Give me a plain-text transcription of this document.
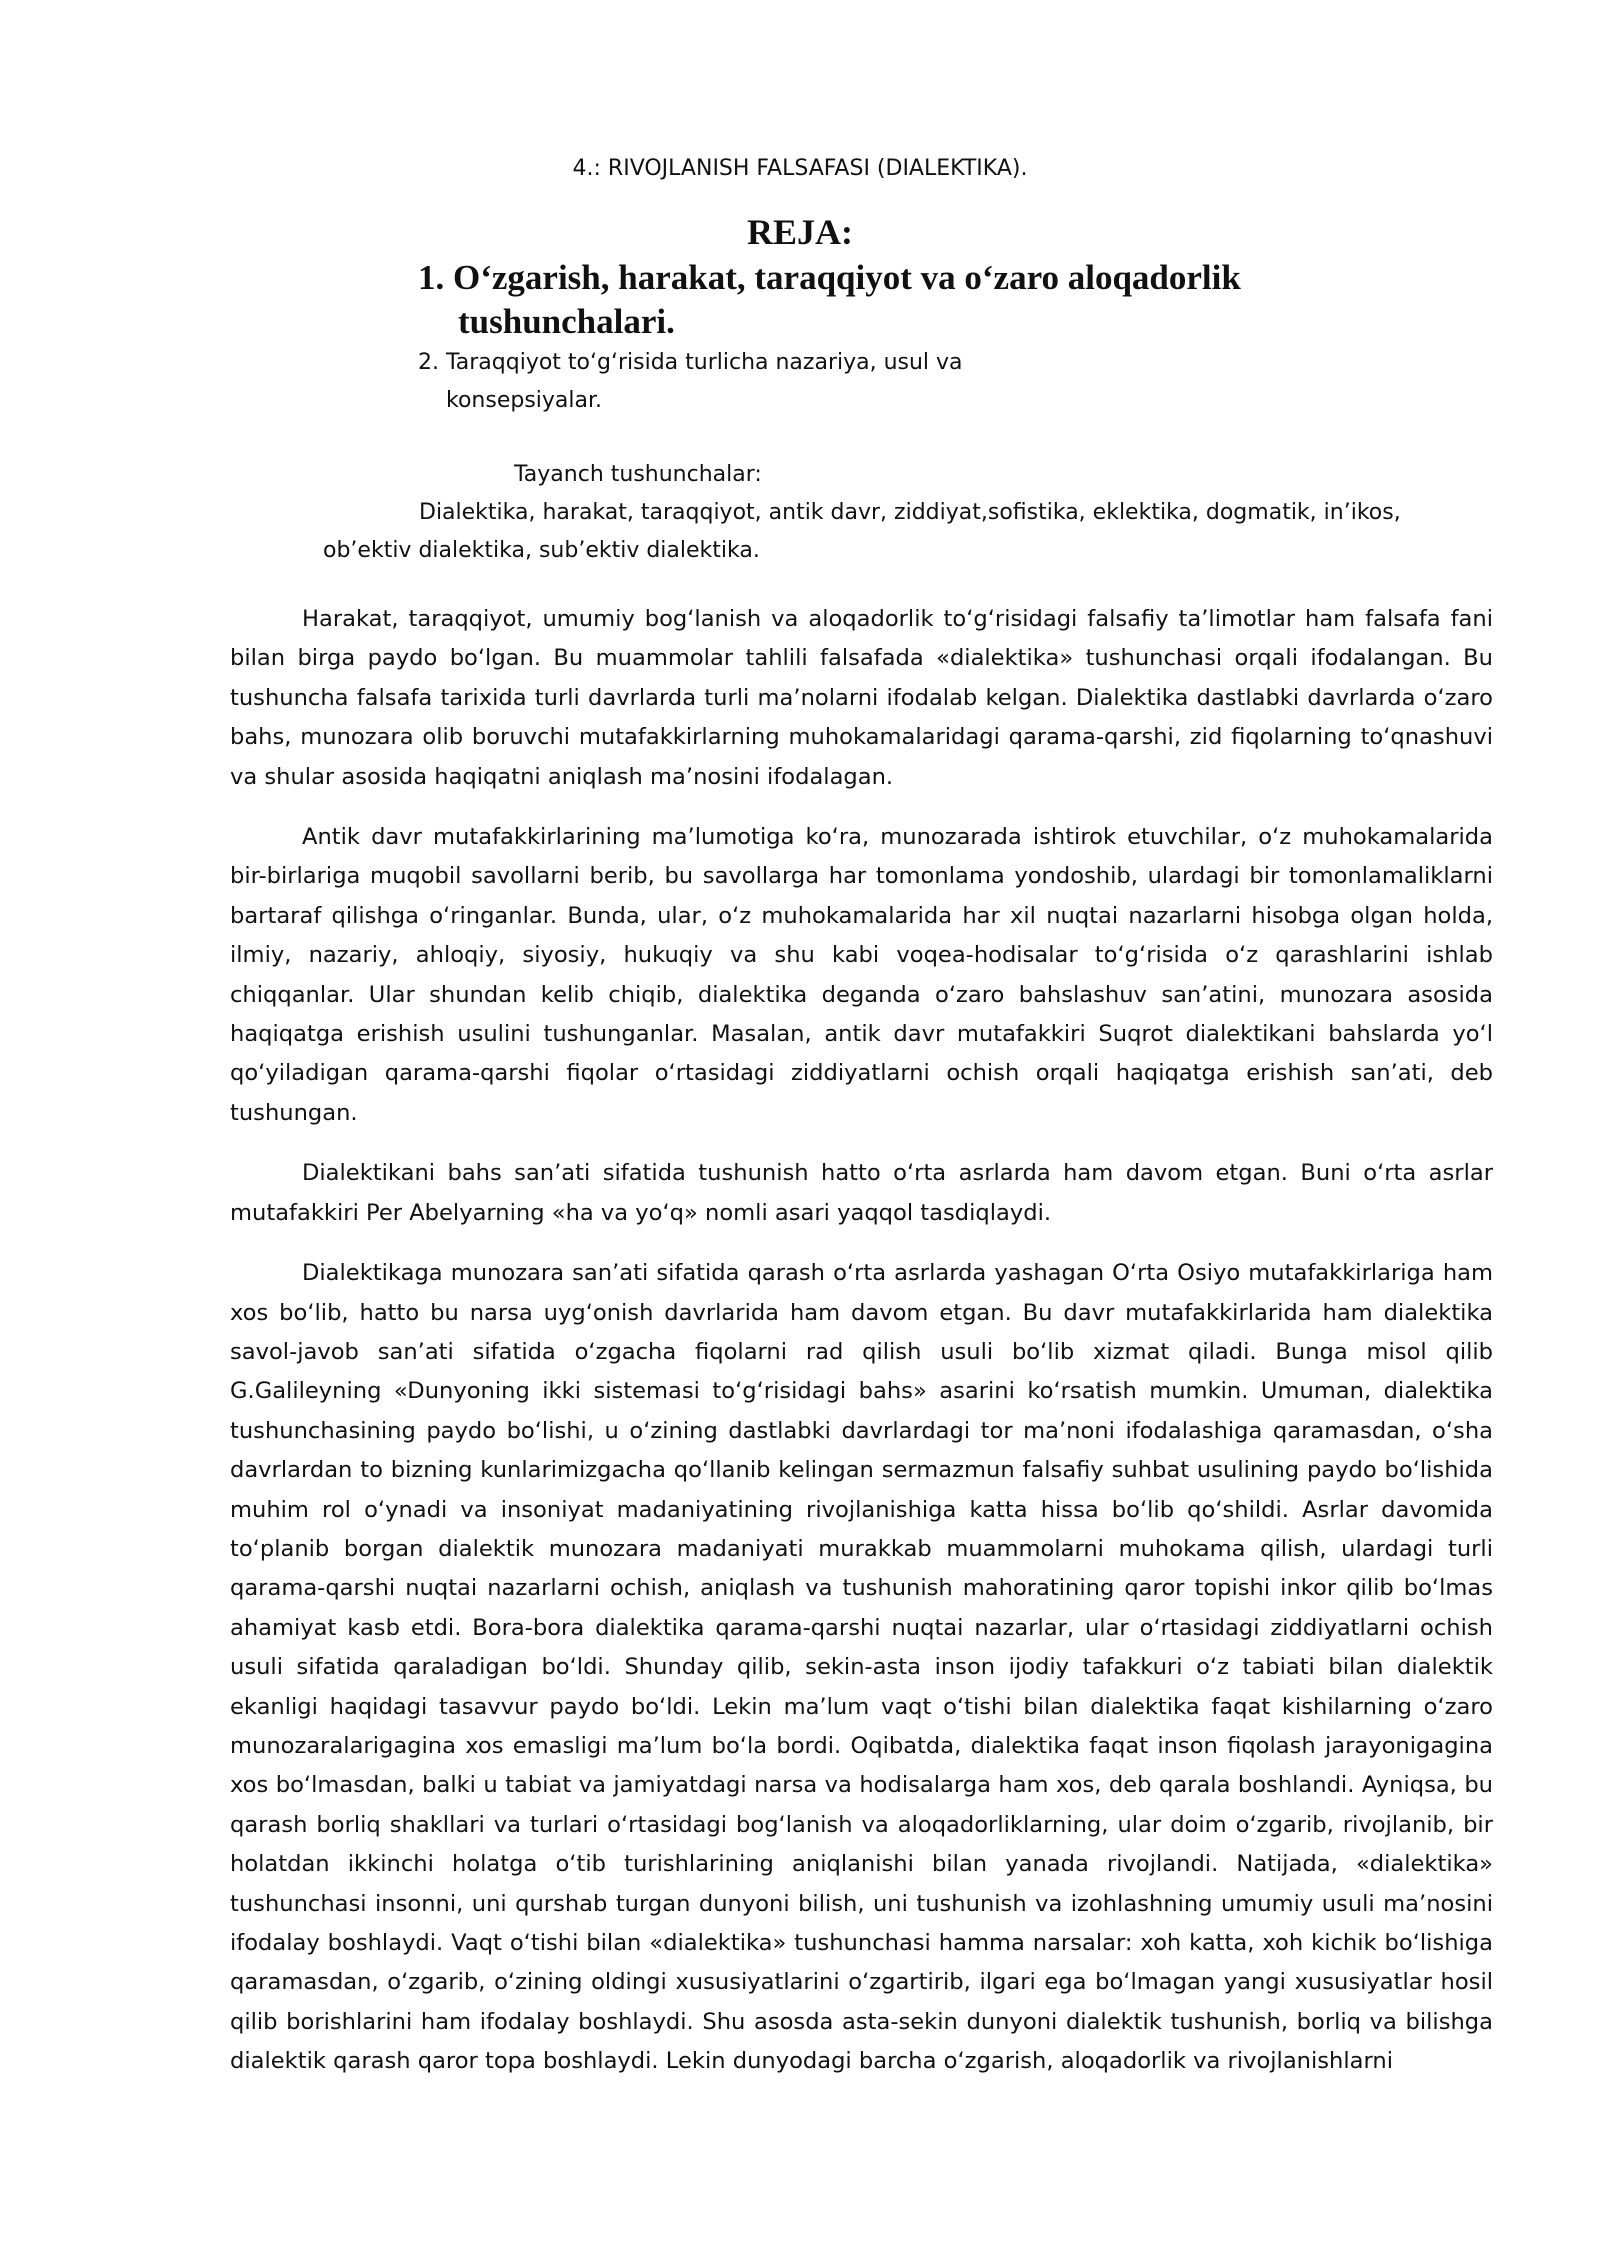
4.: RIVOJLANISH FALSAFASI (DIALEKTIKA).
REJA:
1. O‘zgarish, harakat, taraqqiyot va o‘zaro aloqadorlik
tushunchalari.
2. Taraqqiyot to‘g‘risida turlicha nazariya, usul va
konsepsiyalar.
Tayanch tushunchalar:
Dialektika, harakat, taraqqiyot, antik davr, ziddiyat,sofistika, eklektika, dogmatik, in’ikos,
ob’ektiv dialektika, sub’ektiv dialektika.

Harakat, taraqqiyot, umumiy bog‘lanish va aloqadorlik to‘g‘risidagi falsafiy ta’limotlar ham falsafa fani bilan birga paydo bo‘lgan. Bu muammolar tahlili falsafada «dialektika» tushunchasi orqali ifodalangan. Bu tushuncha falsafa tarixida turli davrlarda turli ma’nolarni ifodalab kelgan. Dialektika dastlabki davrlarda o‘zaro bahs, munozara olib boruvchi mutafakkirlarning muhokamalaridagi qarama-qarshi, zid fiqolarning to‘qnashuvi va shular asosida haqiqatni aniqlash ma’nosini ifodalagan.

Antik davr mutafakkirlarining ma’lumotiga ko‘ra, munozarada ishtirok etuvchilar, o‘z muhokamalarida bir-birlariga muqobil savollarni berib, bu savollarga har tomonlama yondoshib, ulardagi bir tomonlamaliklarni bartaraf qilishga o‘ringanlar. Bunda, ular, o‘z muhokamalarida har xil nuqtai nazarlarni hisobga olgan holda, ilmiy, nazariy, ahloqiy, siyosiy, hukuqiy va shu kabi voqea-hodisalar to‘g‘risida o‘z qarashlarini ishlab chiqqanlar. Ular shundan kelib chiqib, dialektika deganda o‘zaro bahslashuv san’atini, munozara asosida haqiqatga erishish usulini tushunganlar. Masalan, antik davr mutafakkiri Suqrot dialektikani bahslarda yo‘l qo‘yiladigan qarama-qarshi fiqolar o‘rtasidagi ziddiyatlarni ochish orqali haqiqatga erishish san’ati, deb tushungan.

Dialektikani bahs san’ati sifatida tushunish hatto o‘rta asrlarda ham davom etgan. Buni o‘rta asrlar mutafakkiri Per Abelyarning «ha va yo‘q» nomli asari yaqqol tasdiqlaydi.

Dialektikaga munozara san’ati sifatida qarash o‘rta asrlarda yashagan O‘rta Osiyo mutafakkirlariga ham xos bo‘lib, hatto bu narsa uyg‘onish davrlarida ham davom etgan. Bu davr mutafakkirlarida ham dialektika savol-javob san’ati sifatida o‘zgacha fiqolarni rad qilish usuli bo‘lib xizmat qiladi. Bunga misol qilib G.Galileyning «Dunyoning ikki sistemasi to‘g‘risidagi bahs» asarini ko‘rsatish mumkin. Umuman, dialektika tushunchasining paydo bo‘lishi, u o‘zining dastlabki davrlardagi tor ma’noni ifodalashiga qaramasdan, o‘sha davrlardan to bizning kunlarimizgacha qo‘llanib kelingan sermazmun falsafiy suhbat usulining paydo bo‘lishida muhim rol o‘ynadi va insoniyat madaniyatining rivojlanishiga katta hissa bo‘lib qo‘shildi. Asrlar davomida to‘planib borgan dialektik munozara madaniyati murakkab muammolarni muhokama qilish, ulardagi turli qarama-qarshi nuqtai nazarlarni ochish, aniqlash va tushunish mahoratining qaror topishi inkor qilib bo‘lmas ahamiyat kasb etdi. Bora-bora dialektika qarama-qarshi nuqtai nazarlar, ular o‘rtasidagi ziddiyatlarni ochish usuli sifatida qaraladigan bo‘ldi. Shunday qilib, sekin-asta inson ijodiy tafakkuri o‘z tabiati bilan dialektik ekanligi haqidagi tasavvur paydo bo‘ldi. Lekin ma’lum vaqt o‘tishi bilan dialektika faqat kishilarning o‘zaro munozaralarigagina xos emasligi ma’lum bo‘la bordi. Oqibatda, dialektika faqat inson fiqolash jarayonigagina xos bo‘lmasdan, balki u tabiat va jamiyatdagi narsa va hodisalarga ham xos, deb qarala boshlandi. Ayniqsa, bu qarash borliq shakllari va turlari o‘rtasidagi bog‘lanish va aloqadorliklarning, ular doim o‘zgarib, rivojlanib, bir holatdan ikkinchi holatga o‘tib turishlarining aniqlanishi bilan yanada rivojlandi. Natijada, «dialektika» tushunchasi insonni, uni qurshab turgan dunyoni bilish, uni tushunish va izohlashning umumiy usuli ma’nosini ifodalay boshlaydi. Vaqt o‘tishi bilan «dialektika» tushunchasi hamma narsalar: xoh katta, xoh kichik bo‘lishiga qaramasdan, o‘zgarib, o‘zining oldingi xususiyatlarini o‘zgartirib, ilgari ega bo‘lmagan yangi xususiyatlar hosil qilib borishlarini ham ifodalay boshlaydi. Shu asosda asta-sekin dunyoni dialektik tushunish, borliq va bilishga dialektik qarash qaror topa boshlaydi. Lekin dunyodagi barcha o‘zgarish, aloqadorlik va rivojlanishlarni
